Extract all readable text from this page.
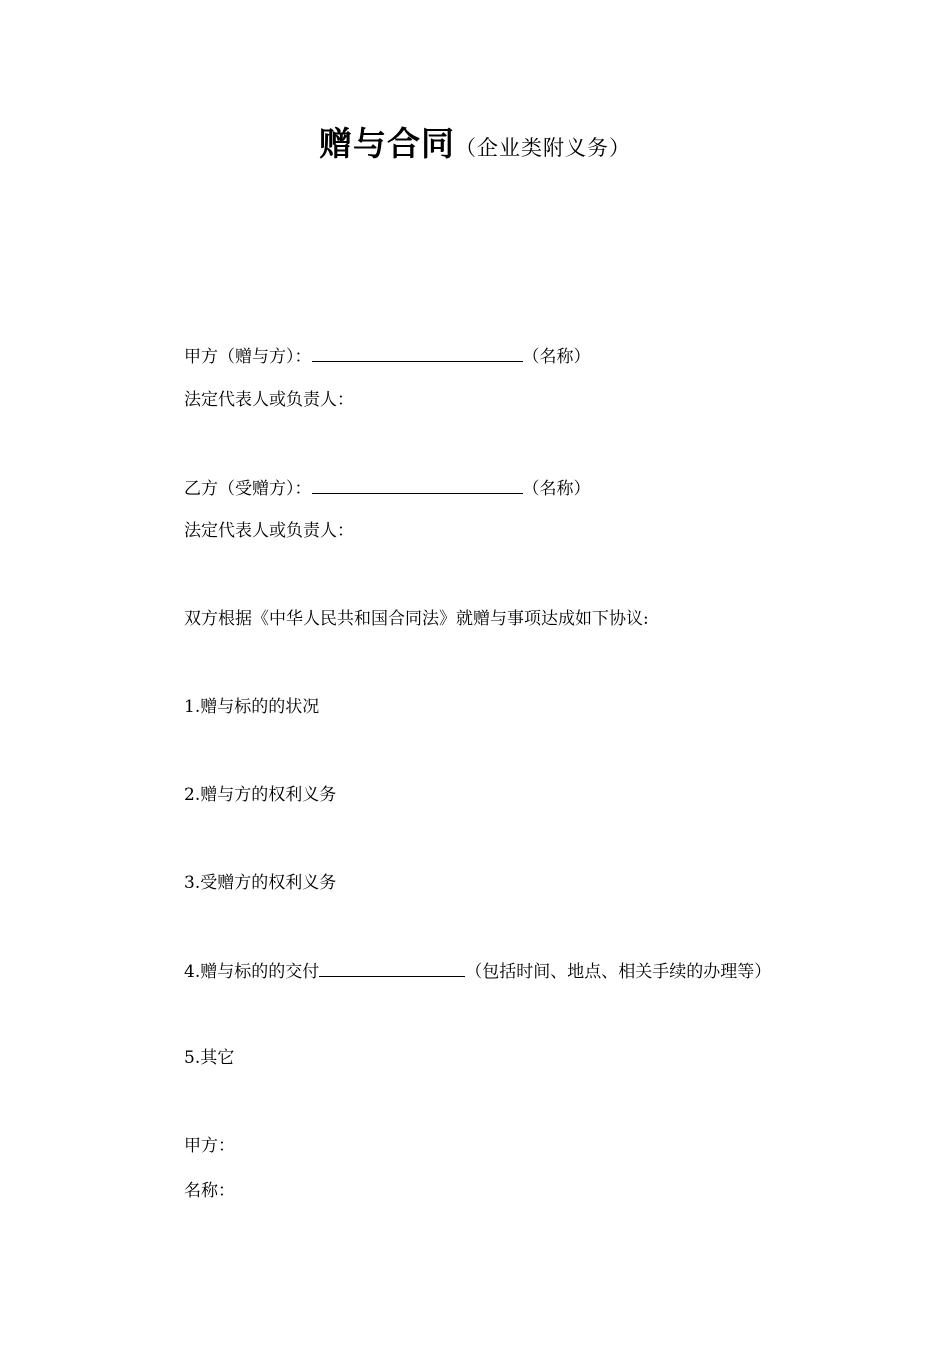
赠与合同（企业类附义务）
甲方（赠与方）：	（名称）
法定代表人或负责人：
乙方（受赠方）：	（名称）
法定代表人或负责人：
双方根据《中华人民共和国合同法》就赠与事项达成如下协议:
1.赠与标的的状况
2.赠与方的权利义务
3.受赠方的权利义务
4.赠与标的的交付	（包括时间、地点、相关手续的办理等）
5.其它
甲方：
名称：
